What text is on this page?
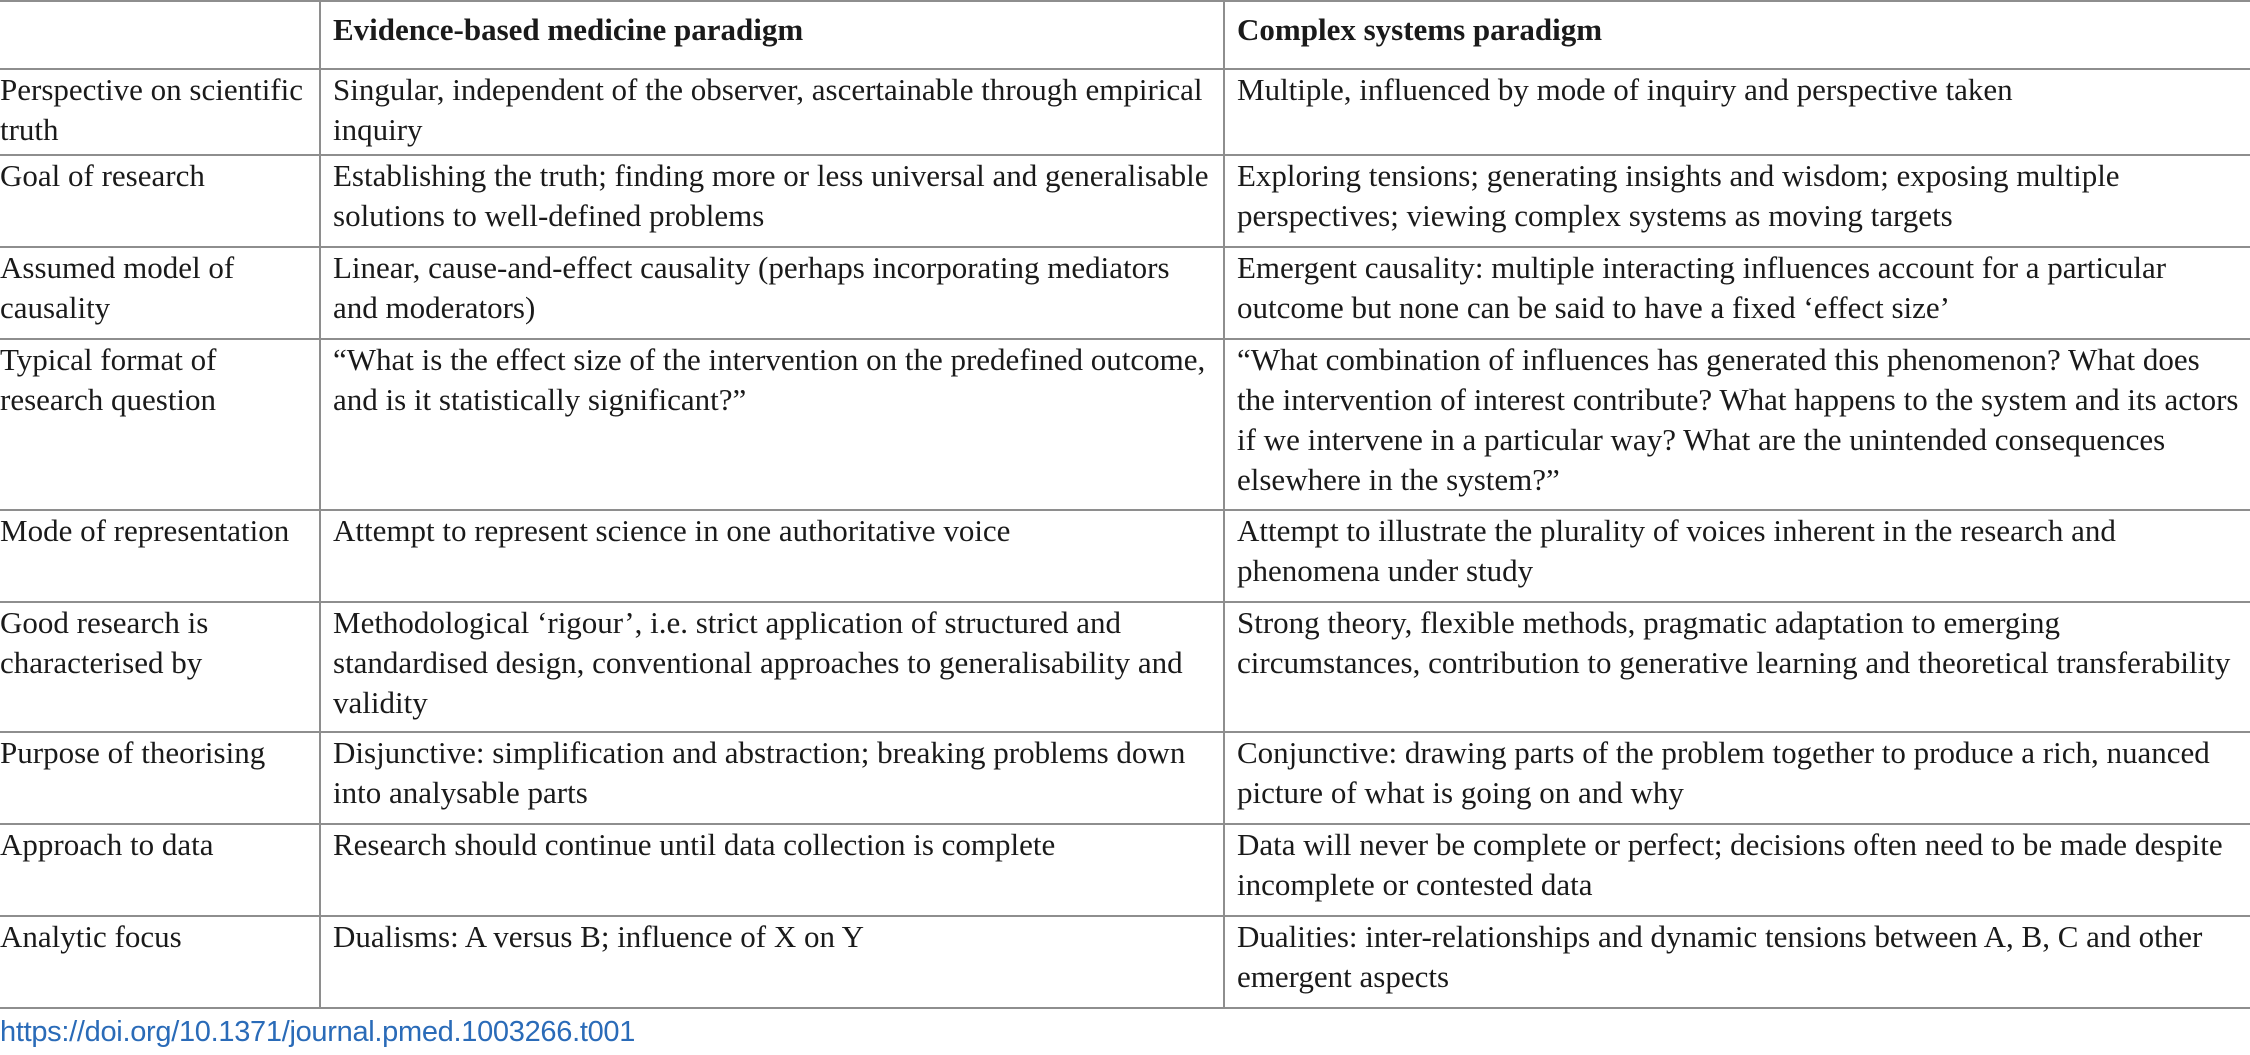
	Evidence-based medicine paradigm	Complex systems paradigm
Perspective on scientific truth	Singular, independent of the observer, ascertainable through empirical inquiry	Multiple, influenced by mode of inquiry and perspective taken
Goal of research	Establishing the truth; finding more or less universal and generalisable solutions to well-defined problems	Exploring tensions; generating insights and wisdom; exposing multiple perspectives; viewing complex systems as moving targets
Assumed model of causality	Linear, cause-and-effect causality (perhaps incorporating mediators and moderators)	Emergent causality: multiple interacting influences account for a particular outcome but none can be said to have a fixed ‘effect size’
Typical format of research question	“What is the effect size of the intervention on the predefined outcome, and is it statistically significant?”	“What combination of influences has generated this phenomenon? What does the intervention of interest contribute? What happens to the system and its actors if we intervene in a particular way? What are the unintended consequences elsewhere in the system?”
Mode of representation	Attempt to represent science in one authoritative voice	Attempt to illustrate the plurality of voices inherent in the research and phenomena under study
Good research is characterised by	Methodological ‘rigour’, i.e. strict application of structured and standardised design, conventional approaches to generalisability and validity	Strong theory, flexible methods, pragmatic adaptation to emerging circumstances, contribution to generative learning and theoretical transferability
Purpose of theorising	Disjunctive: simplification and abstraction; breaking problems down into analysable parts	Conjunctive: drawing parts of the problem together to produce a rich, nuanced picture of what is going on and why
Approach to data	Research should continue until data collection is complete	Data will never be complete or perfect; decisions often need to be made despite incomplete or contested data
Analytic focus	Dualisms: A versus B; influence of X on Y	Dualities: inter-relationships and dynamic tensions between A, B, C and other emergent aspects
https://doi.org/10.1371/journal.pmed.1003266.t001
